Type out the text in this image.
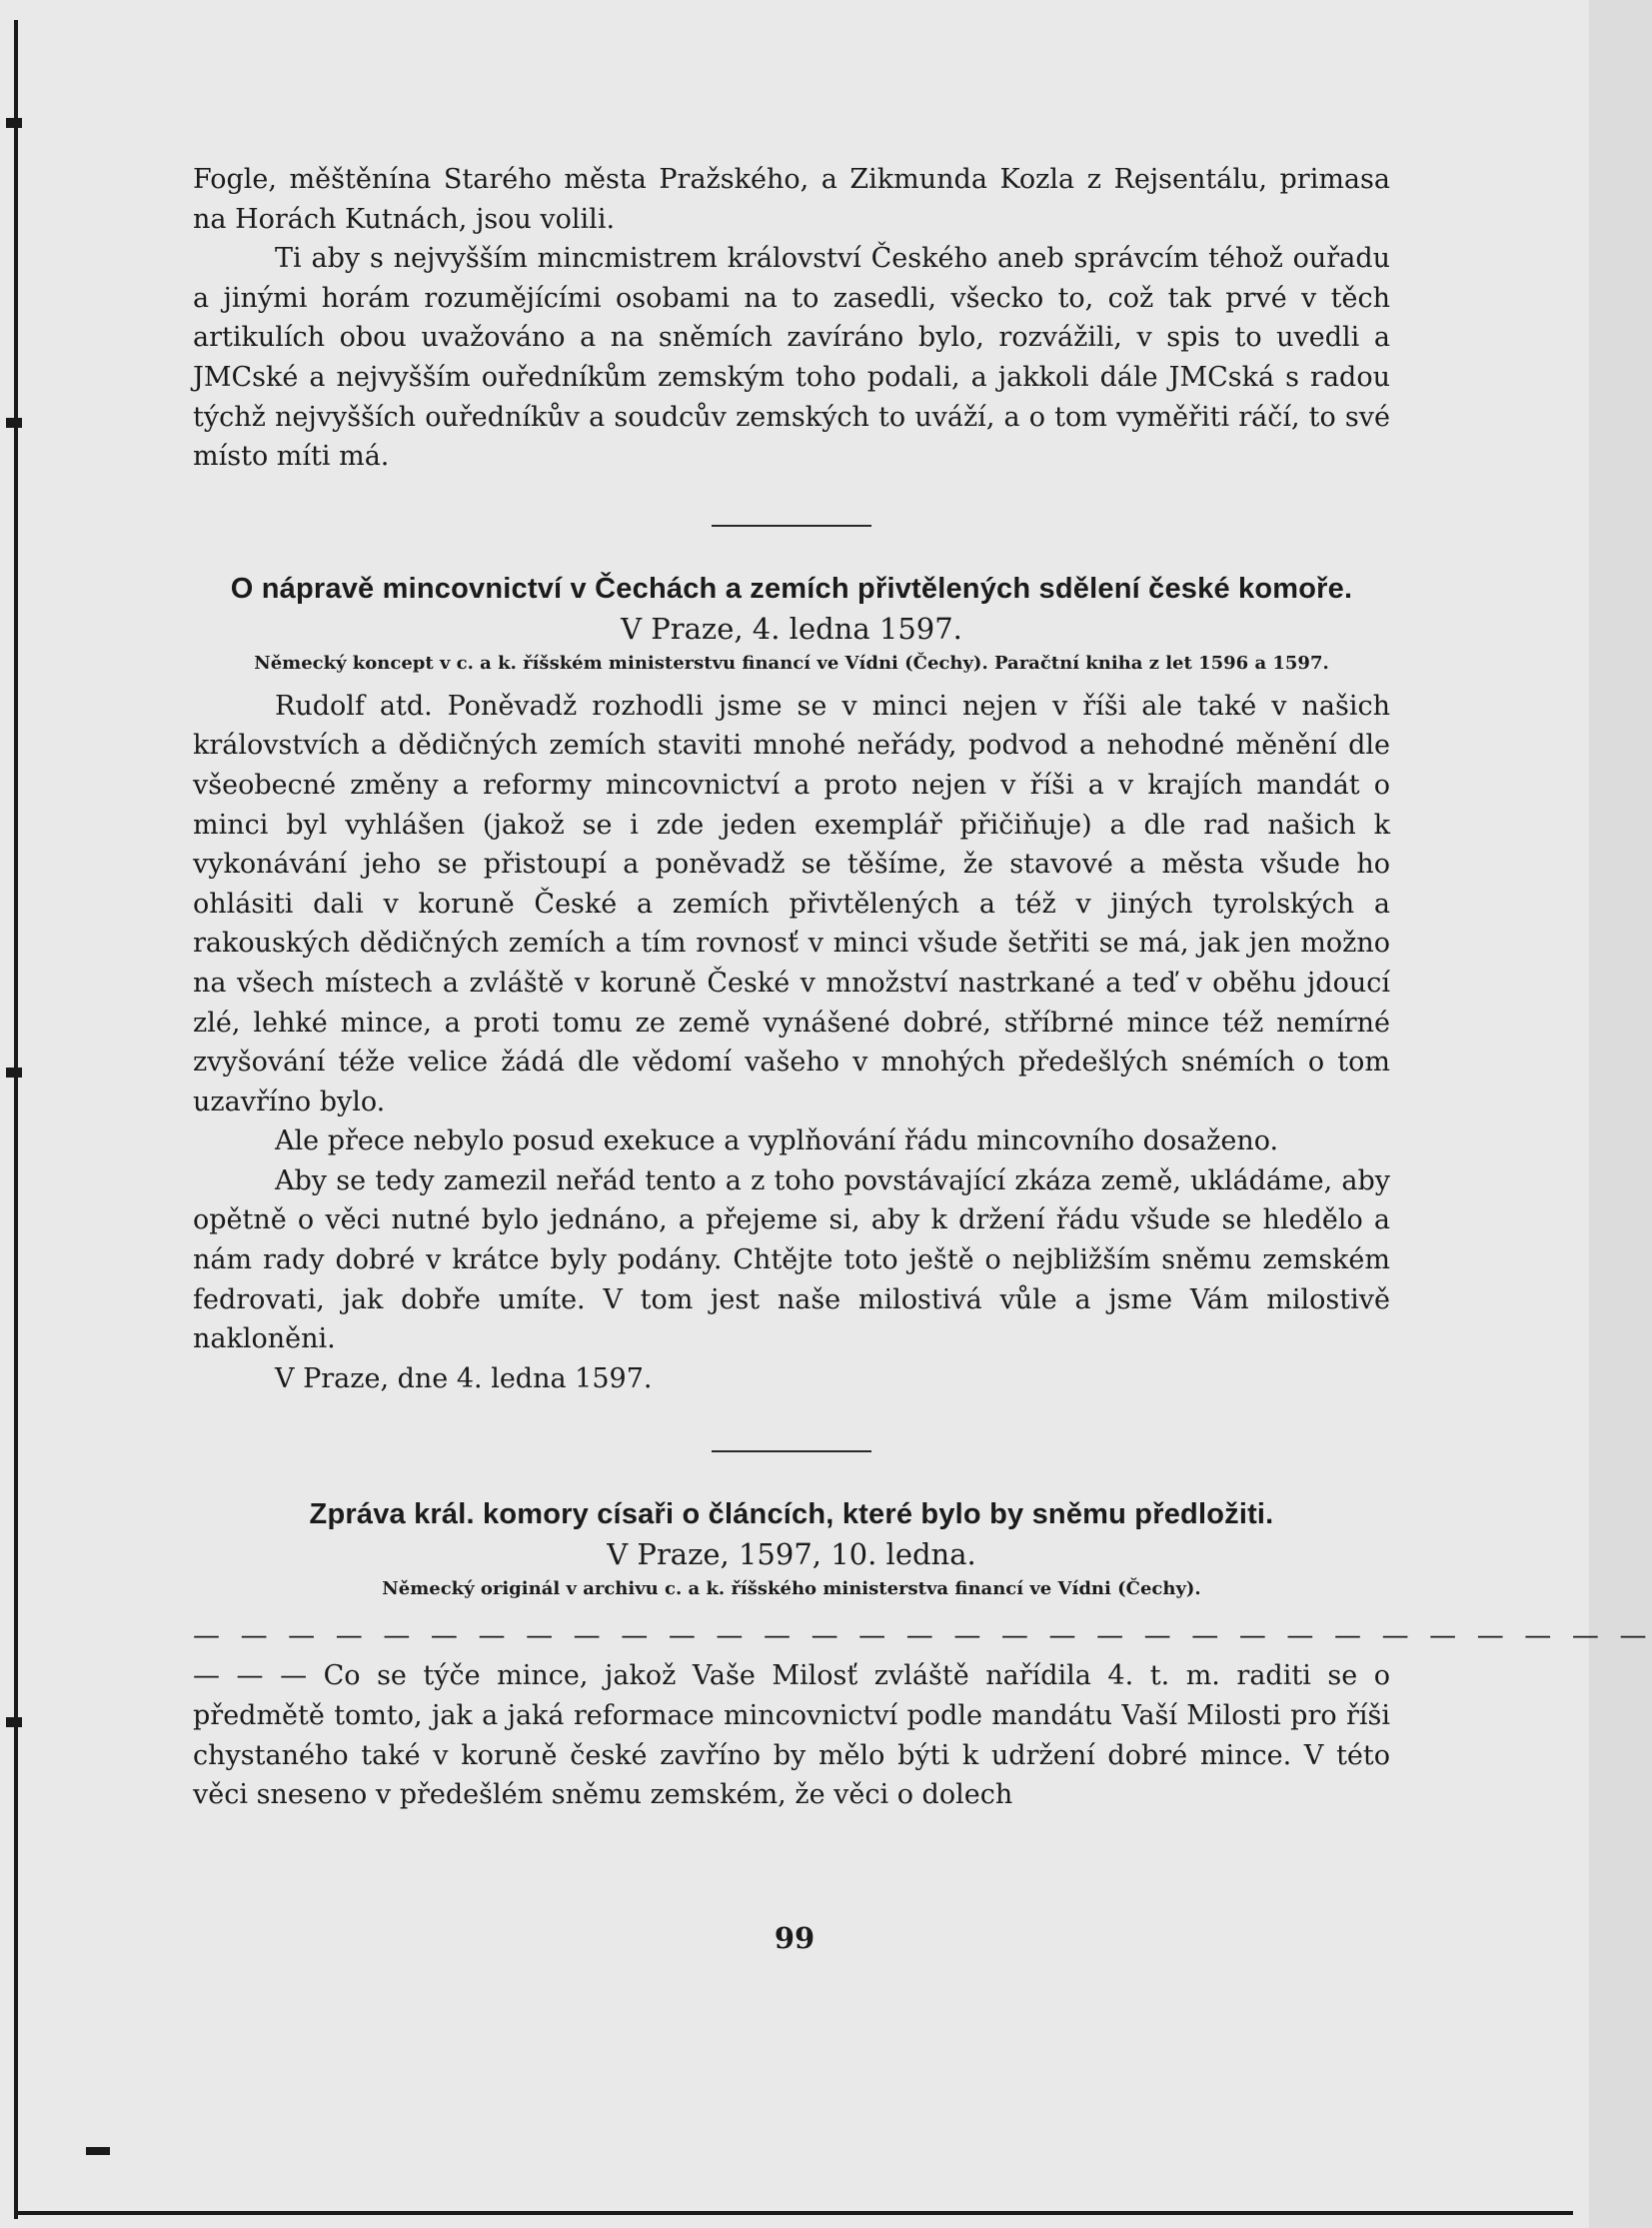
Fogle, měštěnína Starého města Pražského, a Zikmunda Kozla z Rejsentálu, primasa na Horách Kutnách, jsou volili.

Ti aby s nejvyšším mincmistrem království Českého aneb správcím téhož ouřadu a jinými horám rozumějícími osobami na to zasedli, všecko to, což tak prvé v těch artikulích obou uvažováno a na sněmích zavíráno bylo, rozvážili, v spis to uvedli a JMCské a nejvyšším ouředníkům zemským toho podali, a jakkoli dále JMCská s radou týchž nejvyšších ouředníkův a soudcův zemských to uváží, a o tom vyměřiti ráčí, to své místo míti má.

O nápravě mincovnictví v Čechách a zemích přivtělených sdělení české komoře.
V Praze, 4. ledna 1597.
Německý koncept v c. a k. říšském ministerstvu financí ve Vídni (Čechy). Paračtní kniha z let 1596 a 1597.

Rudolf atd. Poněvadž rozhodli jsme se v minci nejen v říši ale také v našich královstvích a dědičných zemích staviti mnohé neřády, podvod a nehodné měnění dle všeobecné změny a reformy mincovnictví a proto nejen v říši a v krajích mandát o minci byl vyhlášen (jakož se i zde jeden exemplář přičiňuje) a dle rad našich k vykonávání jeho se přistoupí a poněvadž se těšíme, že stavové a města všude ho ohlásiti dali v koruně České a zemích přivtělených a též v jiných tyrolských a rakouských dědičných zemích a tím rovnosť v minci všude šetřiti se má, jak jen možno na všech místech a zvláště v koruně České v množství nastrkané a teď v oběhu jdoucí zlé, lehké mince, a proti tomu ze země vynášené dobré, stříbrné mince též nemírné zvyšování téže velice žádá dle vědomí vašeho v mnohých předešlých snémích o tom uzavříno bylo.

Ale přece nebylo posud exekuce a vyplňování řádu mincovního dosaženo.

Aby se tedy zamezil neřád tento a z toho povstávající zkáza země, ukládáme, aby opětně o věci nutné bylo jednáno, a přejeme si, aby k držení řádu všude se hledělo a nám rady dobré v krátce byly podány. Chtějte toto ještě o nejbližším sněmu zemském fedrovati, jak dobře umíte. V tom jest naše milostivá vůle a jsme Vám milostivě nakloněni.

V Praze, dne 4. ledna 1597.

Zpráva král. komory císaři o článcích, které bylo by sněmu předložiti.
V Praze, 1597, 10. ledna.
Německý originál v archivu c. a k. říšského ministerstva financí ve Vídni (Čechy).
— — — — — — — — — — — — — — — — — — — — — — — — — — — — — — —

— — — Co se týče mince, jakož Vaše Milosť zvláště nařídila 4. t. m. raditi se o předmětě tomto, jak a jaká reformace mincovnictví podle mandátu Vaší Milosti pro říši chystaného také v koruně české zavříno by mělo býti k udržení dobré mince. V této věci sneseno v předešlém sněmu zemském, že věci o dolech

99
